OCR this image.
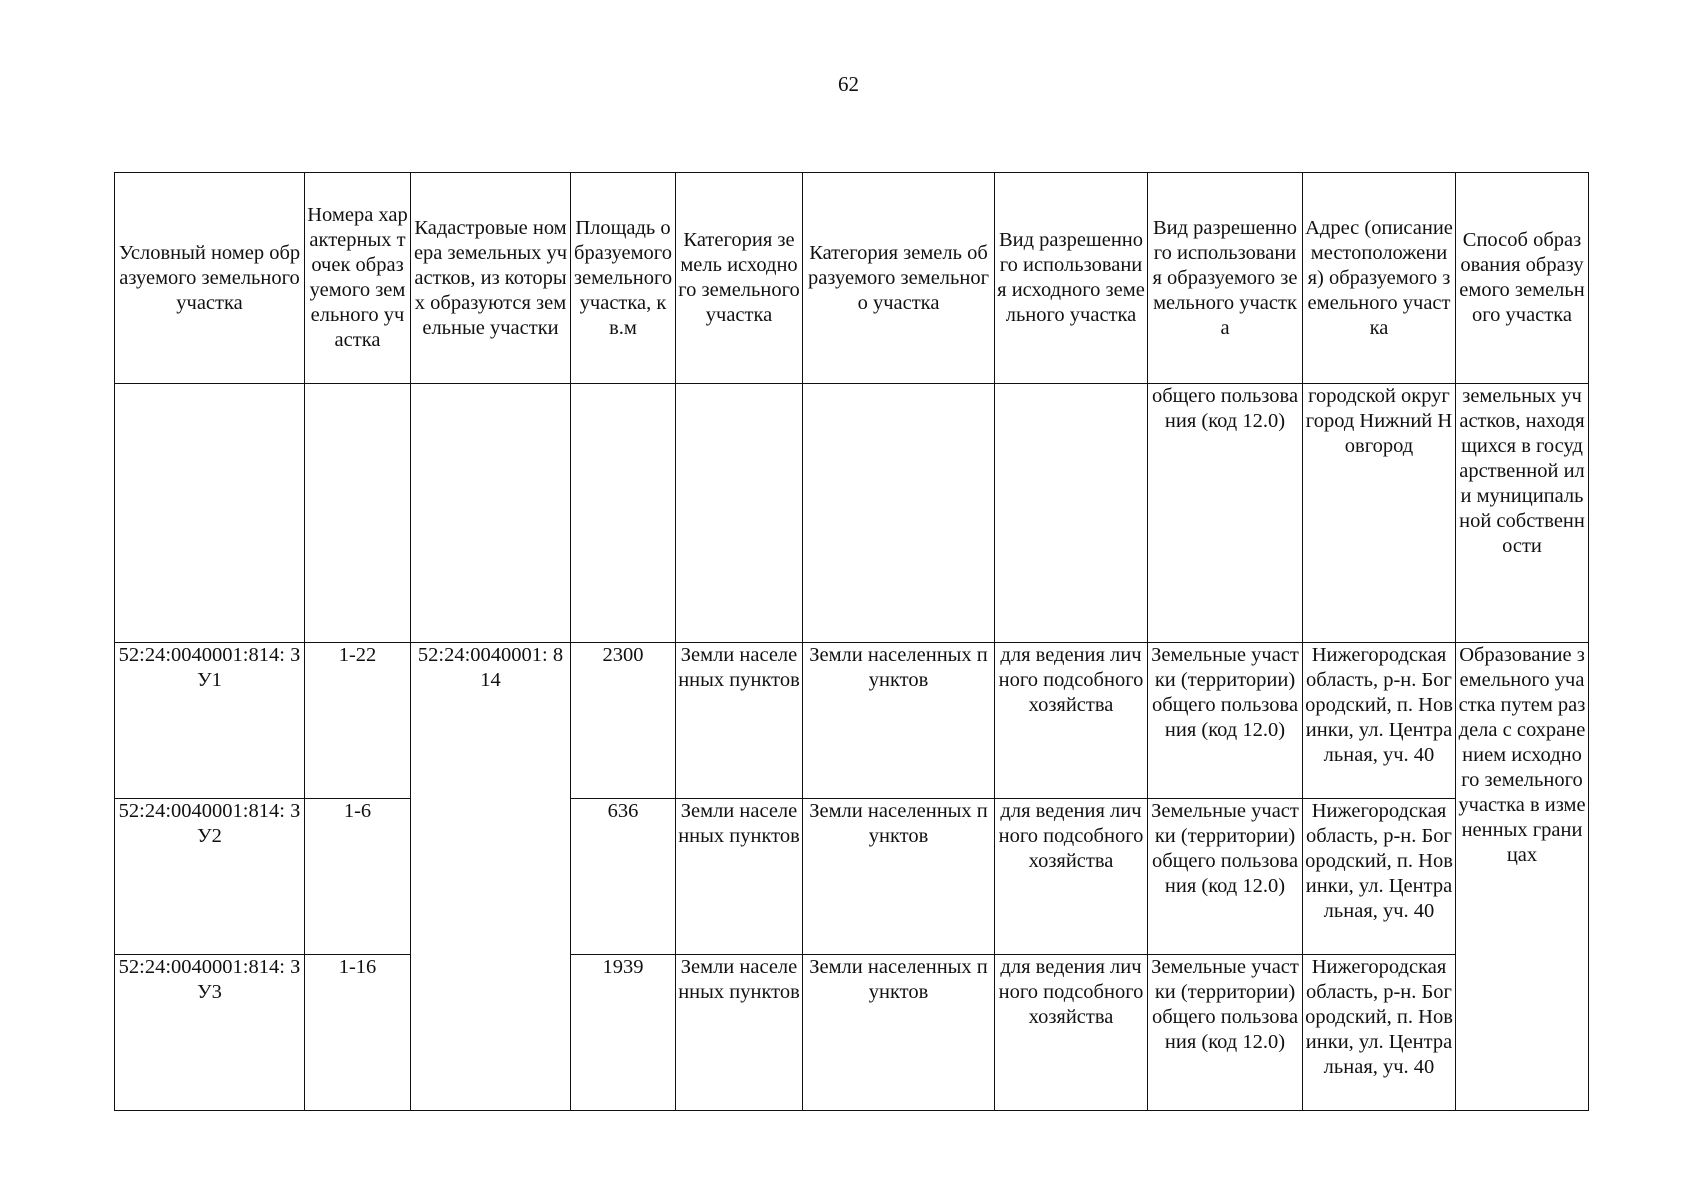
62
Условный номер образуемого земельного участка	Номера характерных точек образуемого земельного участка	Кадастровые номера земельных участков, из которых образуются земельные участки	Площадь образуемого земельного участка, кв.м	Категория земель исходного земельного участка	Категория земель образуемого земельного участка	Вид разрешенного использования исходного земельного участка	Вид разрешенного использования образуемого земельного участка	Адрес (описание местоположения) образуемого земельного участка	Способ образования образуемого земельного участка
							общего пользования (код 12.0)	городской округ город Нижний Новгород	земельных участков, находящихся в государственной или муниципальной собственности
52:24:0040001:814: ЗУ1	1-22	52:24:0040001: 814	2300	Земли населенных пунктов	Земли населенных пунктов	для ведения личного подсобного хозяйства	Земельные участки (территории) общего пользования (код 12.0)	Нижегородская область, р-н. Богородский, п. Новинки, ул. Центральная, уч. 40	Образование земельного участка путем раздела с сохранением исходного земельного участка в измененных границах
52:24:0040001:814: ЗУ2	1-6		636	Земли населенных пунктов	Земли населенных пунктов	для ведения личного подсобного хозяйства	Земельные участки (территории) общего пользования (код 12.0)	Нижегородская область, р-н. Богородский, п. Новинки, ул. Центральная, уч. 40	
52:24:0040001:814: ЗУ3	1-16		1939	Земли населенных пунктов	Земли населенных пунктов	для ведения личного подсобного хозяйства	Земельные участки (территории) общего пользования (код 12.0)	Нижегородская область, р-н. Богородский, п. Новинки, ул. Центральная, уч. 40	
